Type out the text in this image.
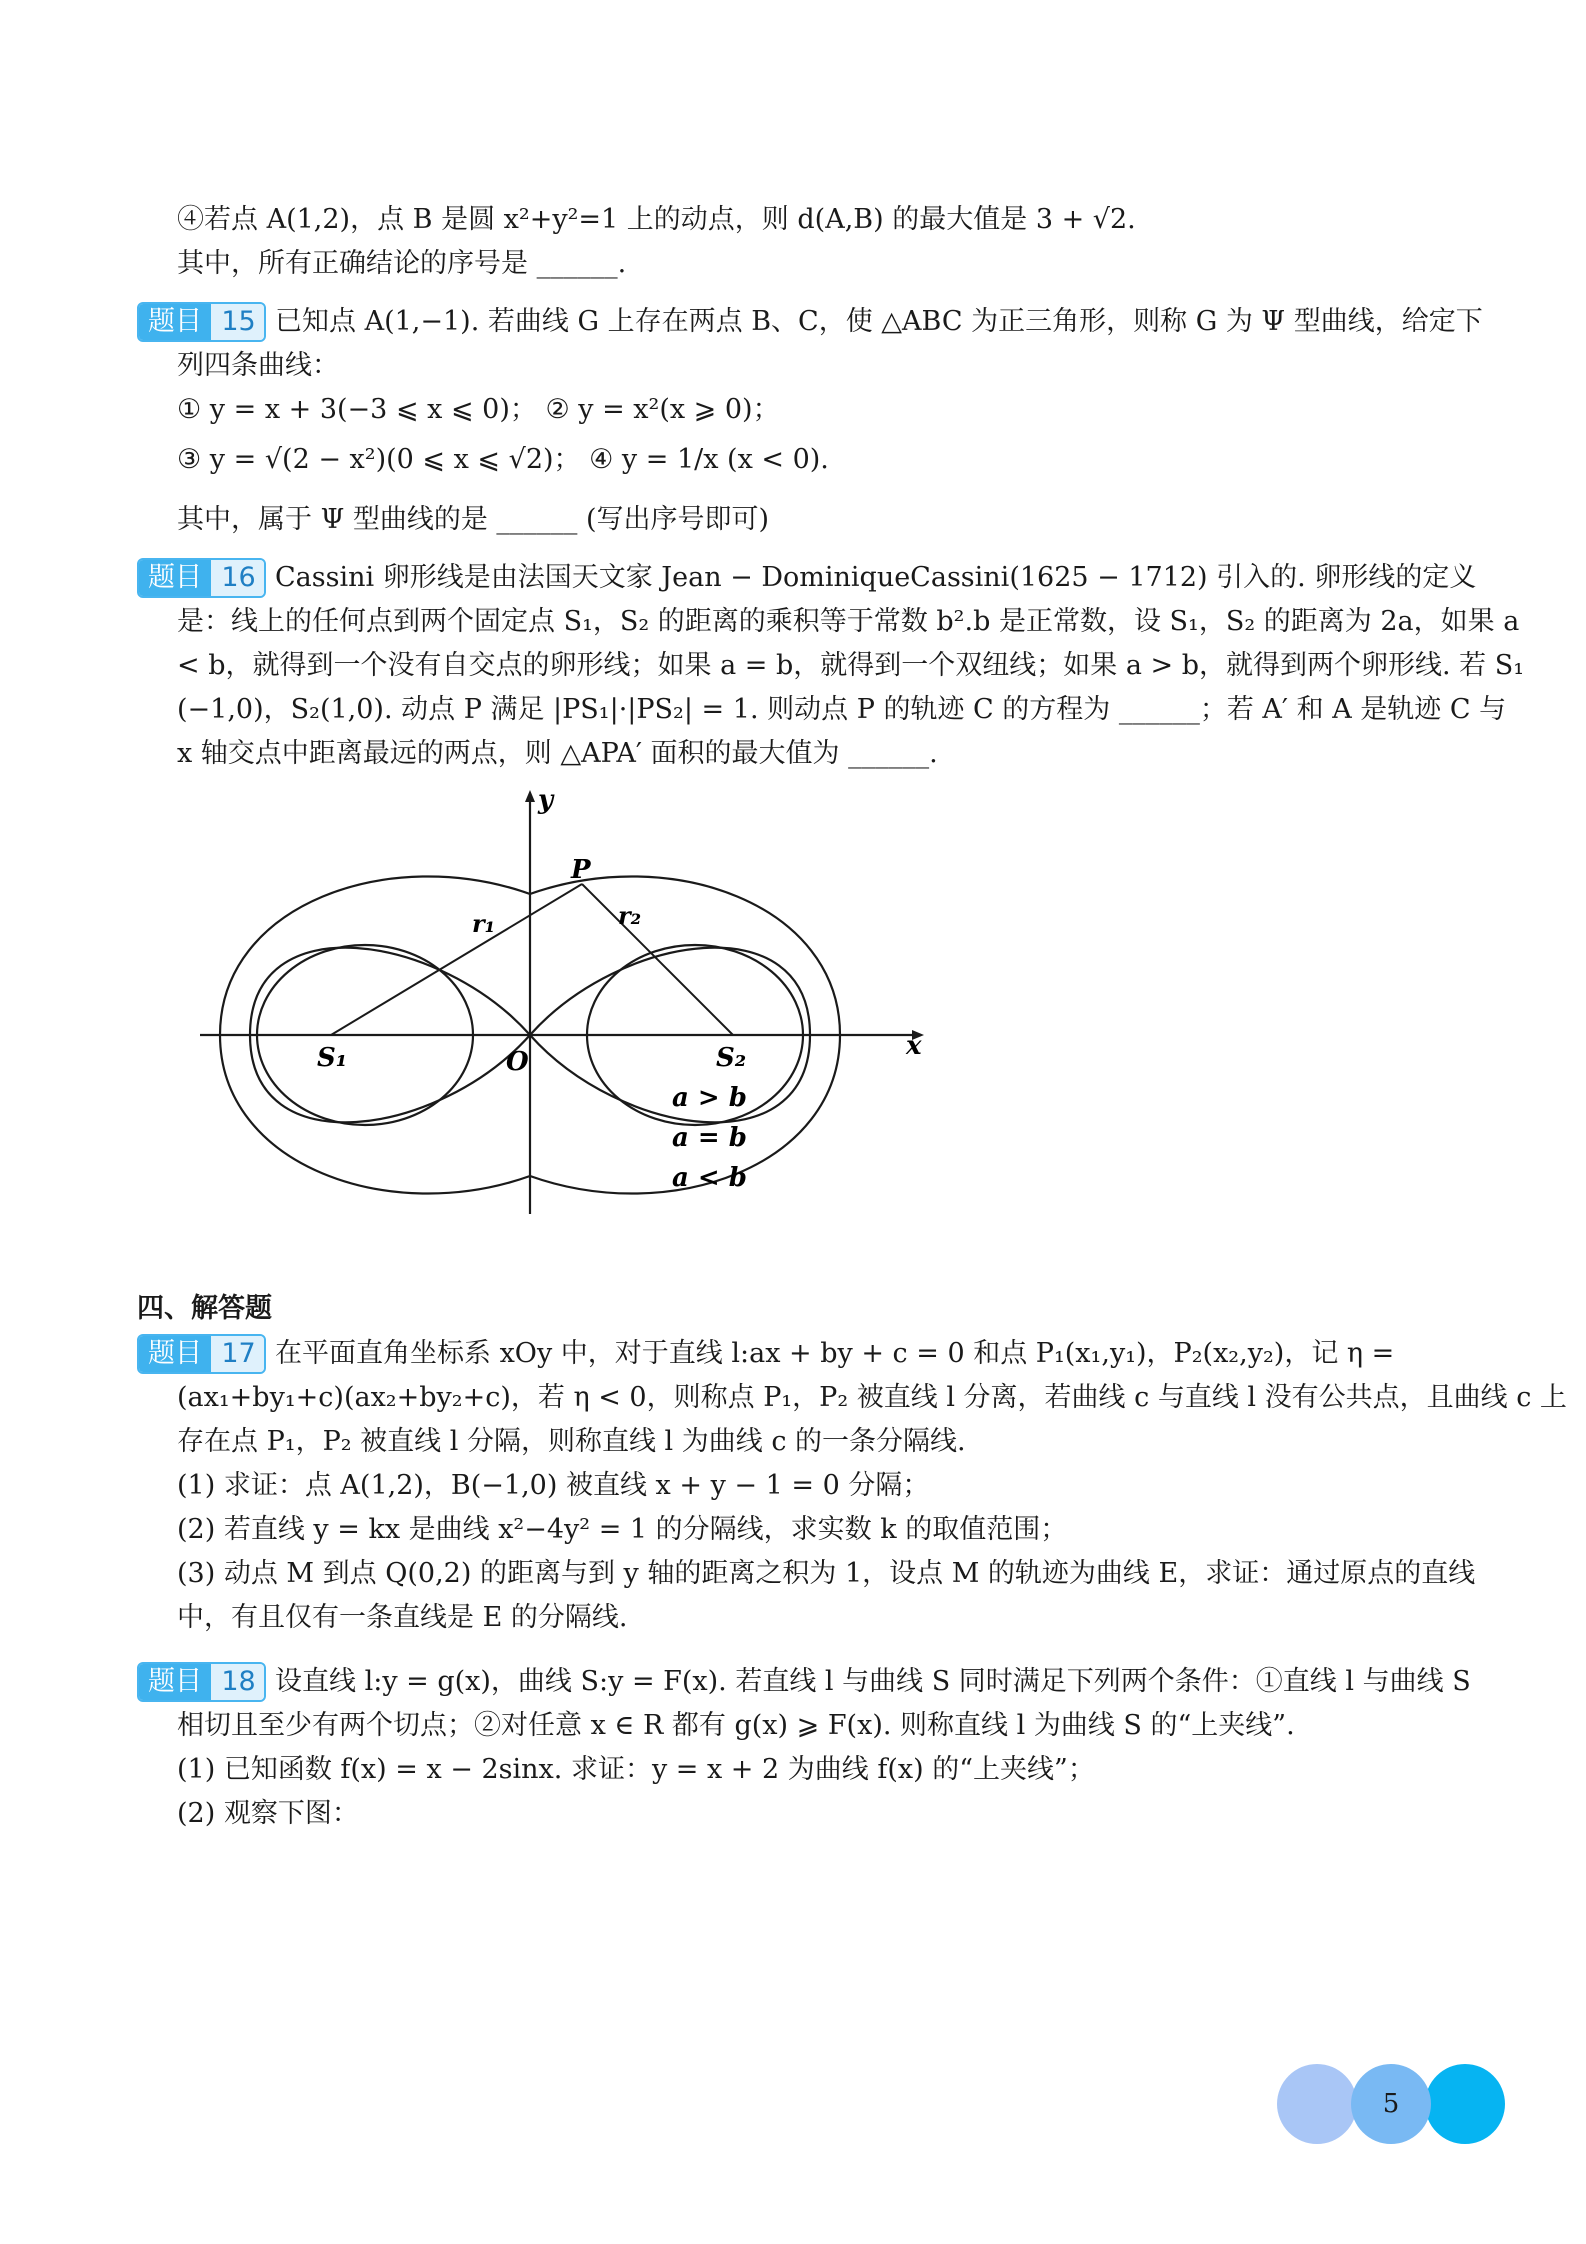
④若点 A(1,2)，点 B 是圆 x²+y²=1 上的动点，则 d(A,B) 的最大值是 3 + √2.
其中，所有正确结论的序号是 ______.
题目 15 已知点 A(1,−1). 若曲线 G 上存在两点 B、C，使 △ABC 为正三角形，则称 G 为 Ψ 型曲线，给定下
列四条曲线：
① y = x + 3(−3 ⩽ x ⩽ 0)； ② y = x²(x ⩾ 0)；
③ y = √(2 − x²)(0 ⩽ x ⩽ √2)； ④ y = 1/x (x < 0).
其中，属于 Ψ 型曲线的是 ______ (写出序号即可)
题目 16 Cassini 卵形线是由法国天文家 Jean − DominiqueCassini(1625 − 1712) 引入的. 卵形线的定义
是：线上的任何点到两个固定点 S₁，S₂ 的距离的乘积等于常数 b².b 是正常数，设 S₁，S₂ 的距离为 2a，如果 a
< b，就得到一个没有自交点的卵形线；如果 a = b，就得到一个双纽线；如果 a > b，就得到两个卵形线. 若 S₁
(−1,0)，S₂(1,0). 动点 P 满足 |PS₁|·|PS₂| = 1. 则动点 P 的轨迹 C 的方程为 ______；若 A′ 和 A 是轨迹 C 与
x 轴交点中距离最远的两点，则 △APA′ 面积的最大值为 ______.
y
x
O
P
r₁	r₂
S₁	S₂
a > b
a = b
a < b
四、解答题
题目 17 在平面直角坐标系 xOy 中，对于直线 l:ax + by + c = 0 和点 P₁(x₁,y₁)，P₂(x₂,y₂)，记 η =
(ax₁+by₁+c)(ax₂+by₂+c)，若 η < 0，则称点 P₁，P₂ 被直线 l 分离，若曲线 c 与直线 l 没有公共点，且曲线 c 上
存在点 P₁，P₂ 被直线 l 分隔，则称直线 l 为曲线 c 的一条分隔线.
(1) 求证：点 A(1,2)，B(−1,0) 被直线 x + y − 1 = 0 分隔；
(2) 若直线 y = kx 是曲线 x²−4y² = 1 的分隔线，求实数 k 的取值范围；
(3) 动点 M 到点 Q(0,2) 的距离与到 y 轴的距离之积为 1，设点 M 的轨迹为曲线 E，求证：通过原点的直线
中，有且仅有一条直线是 E 的分隔线.
题目 18 设直线 l:y = g(x)，曲线 S:y = F(x). 若直线 l 与曲线 S 同时满足下列两个条件：①直线 l 与曲线 S
相切且至少有两个切点；②对任意 x ∈ R 都有 g(x) ⩾ F(x). 则称直线 l 为曲线 S 的“上夹线”.
(1) 已知函数 f(x) = x − 2sinx. 求证：y = x + 2 为曲线 f(x) 的“上夹线”；
(2) 观察下图：
5
